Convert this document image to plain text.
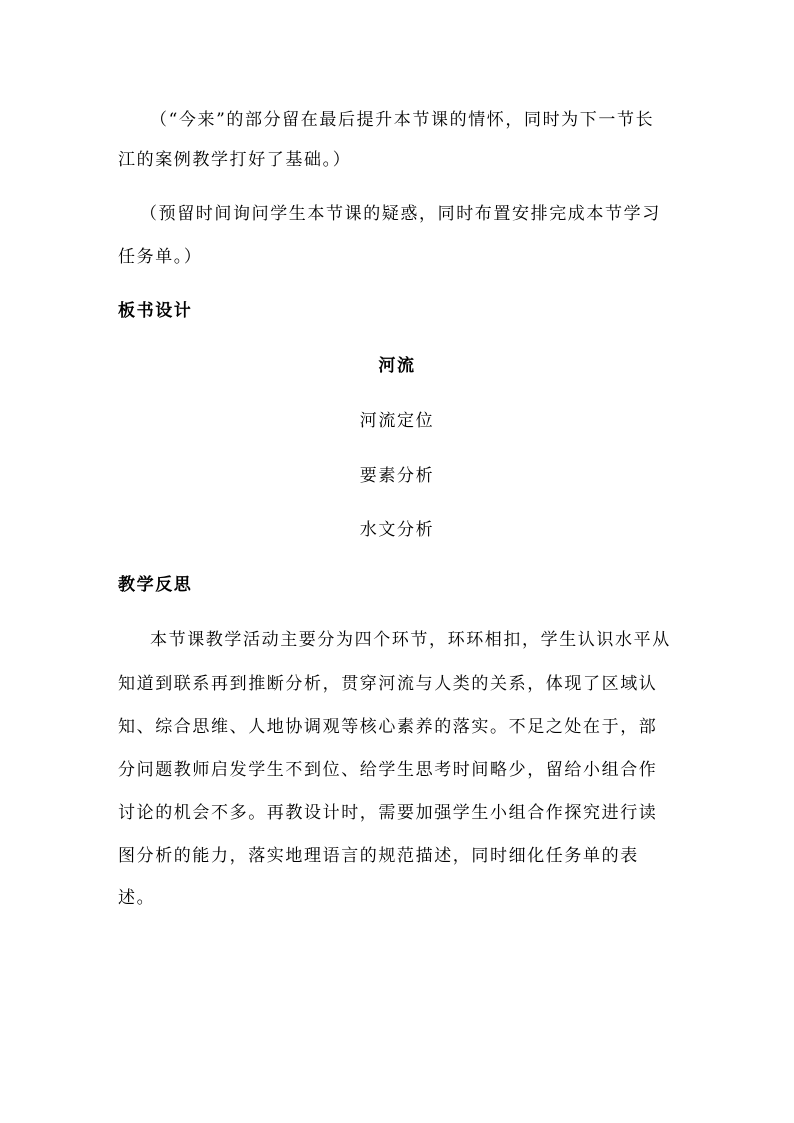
（“今来”的部分留在最后提升本节课的情怀，同时为下一节长
江的案例教学打好了基础。）
（预留时间询问学生本节课的疑惑，同时布置安排完成本节学习
任务单。）
板书设计
河流
河流定位
要素分析
水文分析
教学反思
本节课教学活动主要分为四个环节，环环相扣，学生认识水平从
知道到联系再到推断分析，贯穿河流与人类的关系，体现了区域认
知、综合思维、人地协调观等核心素养的落实。不足之处在于，部
分问题教师启发学生不到位、给学生思考时间略少，留给小组合作
讨论的机会不多。再教设计时，需要加强学生小组合作探究进行读
图分析的能力，落实地理语言的规范描述，同时细化任务单的表
述。
